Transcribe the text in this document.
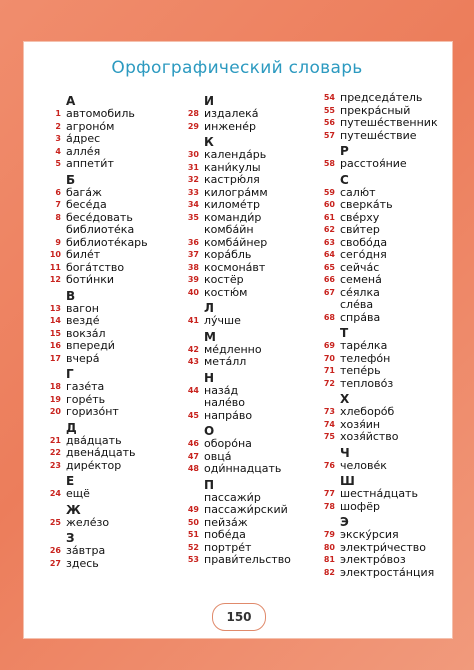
Орфографический словарь
А
1 автомобиль
2 агроно́м
3 а́дрес
4 алле́я
5 аппети́т
Б
6 бага́ж
7 бесе́да
8 бесе́довать
библиоте́ка
9 библиоте́карь
10 биле́т
11 бога́тство
12 боти́нки
В
13 вагон
14 везде́
15 вокза́л
16 впереди́
17 вчера́
Г
18 газе́та
19 горе́ть
20 горизо́нт
Д
21 два́дцать
22 двена́дцать
23 дире́ктор
Е
24 ещё
Ж
25 желе́зо
З
26 за́втра
27 здесь
И
28 издалека́
29 инжене́р
К
30 календа́рь
31 кани́кулы
32 кастрю́ля
33 килогра́мм
34 киломе́тр
35 команди́р
комба́йн
36 комба́йнер
37 кора́бль
38 космона́вт
39 костёр
40 костю́м
Л
41 лу́чше
М
42 ме́дленно
43 мета́лл
Н
44 наза́д
нале́во
45 напра́во
О
46 оборо́на
47 овца́
48 оди́ннадцать
П
пассажи́р
49 пассажи́рский
50 пейза́ж
51 побе́да
52 портре́т
53 прави́тельство
54 председа́тель
55 прекра́сный
56 путеше́ственник
57 путеше́ствие
Р
58 расстоя́ние
С
59 салю́т
60 сверка́ть
61 све́рху
62 сви́тер
63 свобо́да
64 сего́дня
65 сейча́с
66 семена́
67 се́ялка
сле́ва
68 спра́ва
Т
69 таре́лка
70 телефо́н
71 тепе́рь
72 теплово́з
Х
73 хлеборо́б
74 хозя́ин
75 хозя́йство
Ч
76 челове́к
Ш
77 шестна́дцать
78 шофёр
Э
79 экску́рсия
80 электри́чество
81 электро́воз
82 электроста́нция
150
